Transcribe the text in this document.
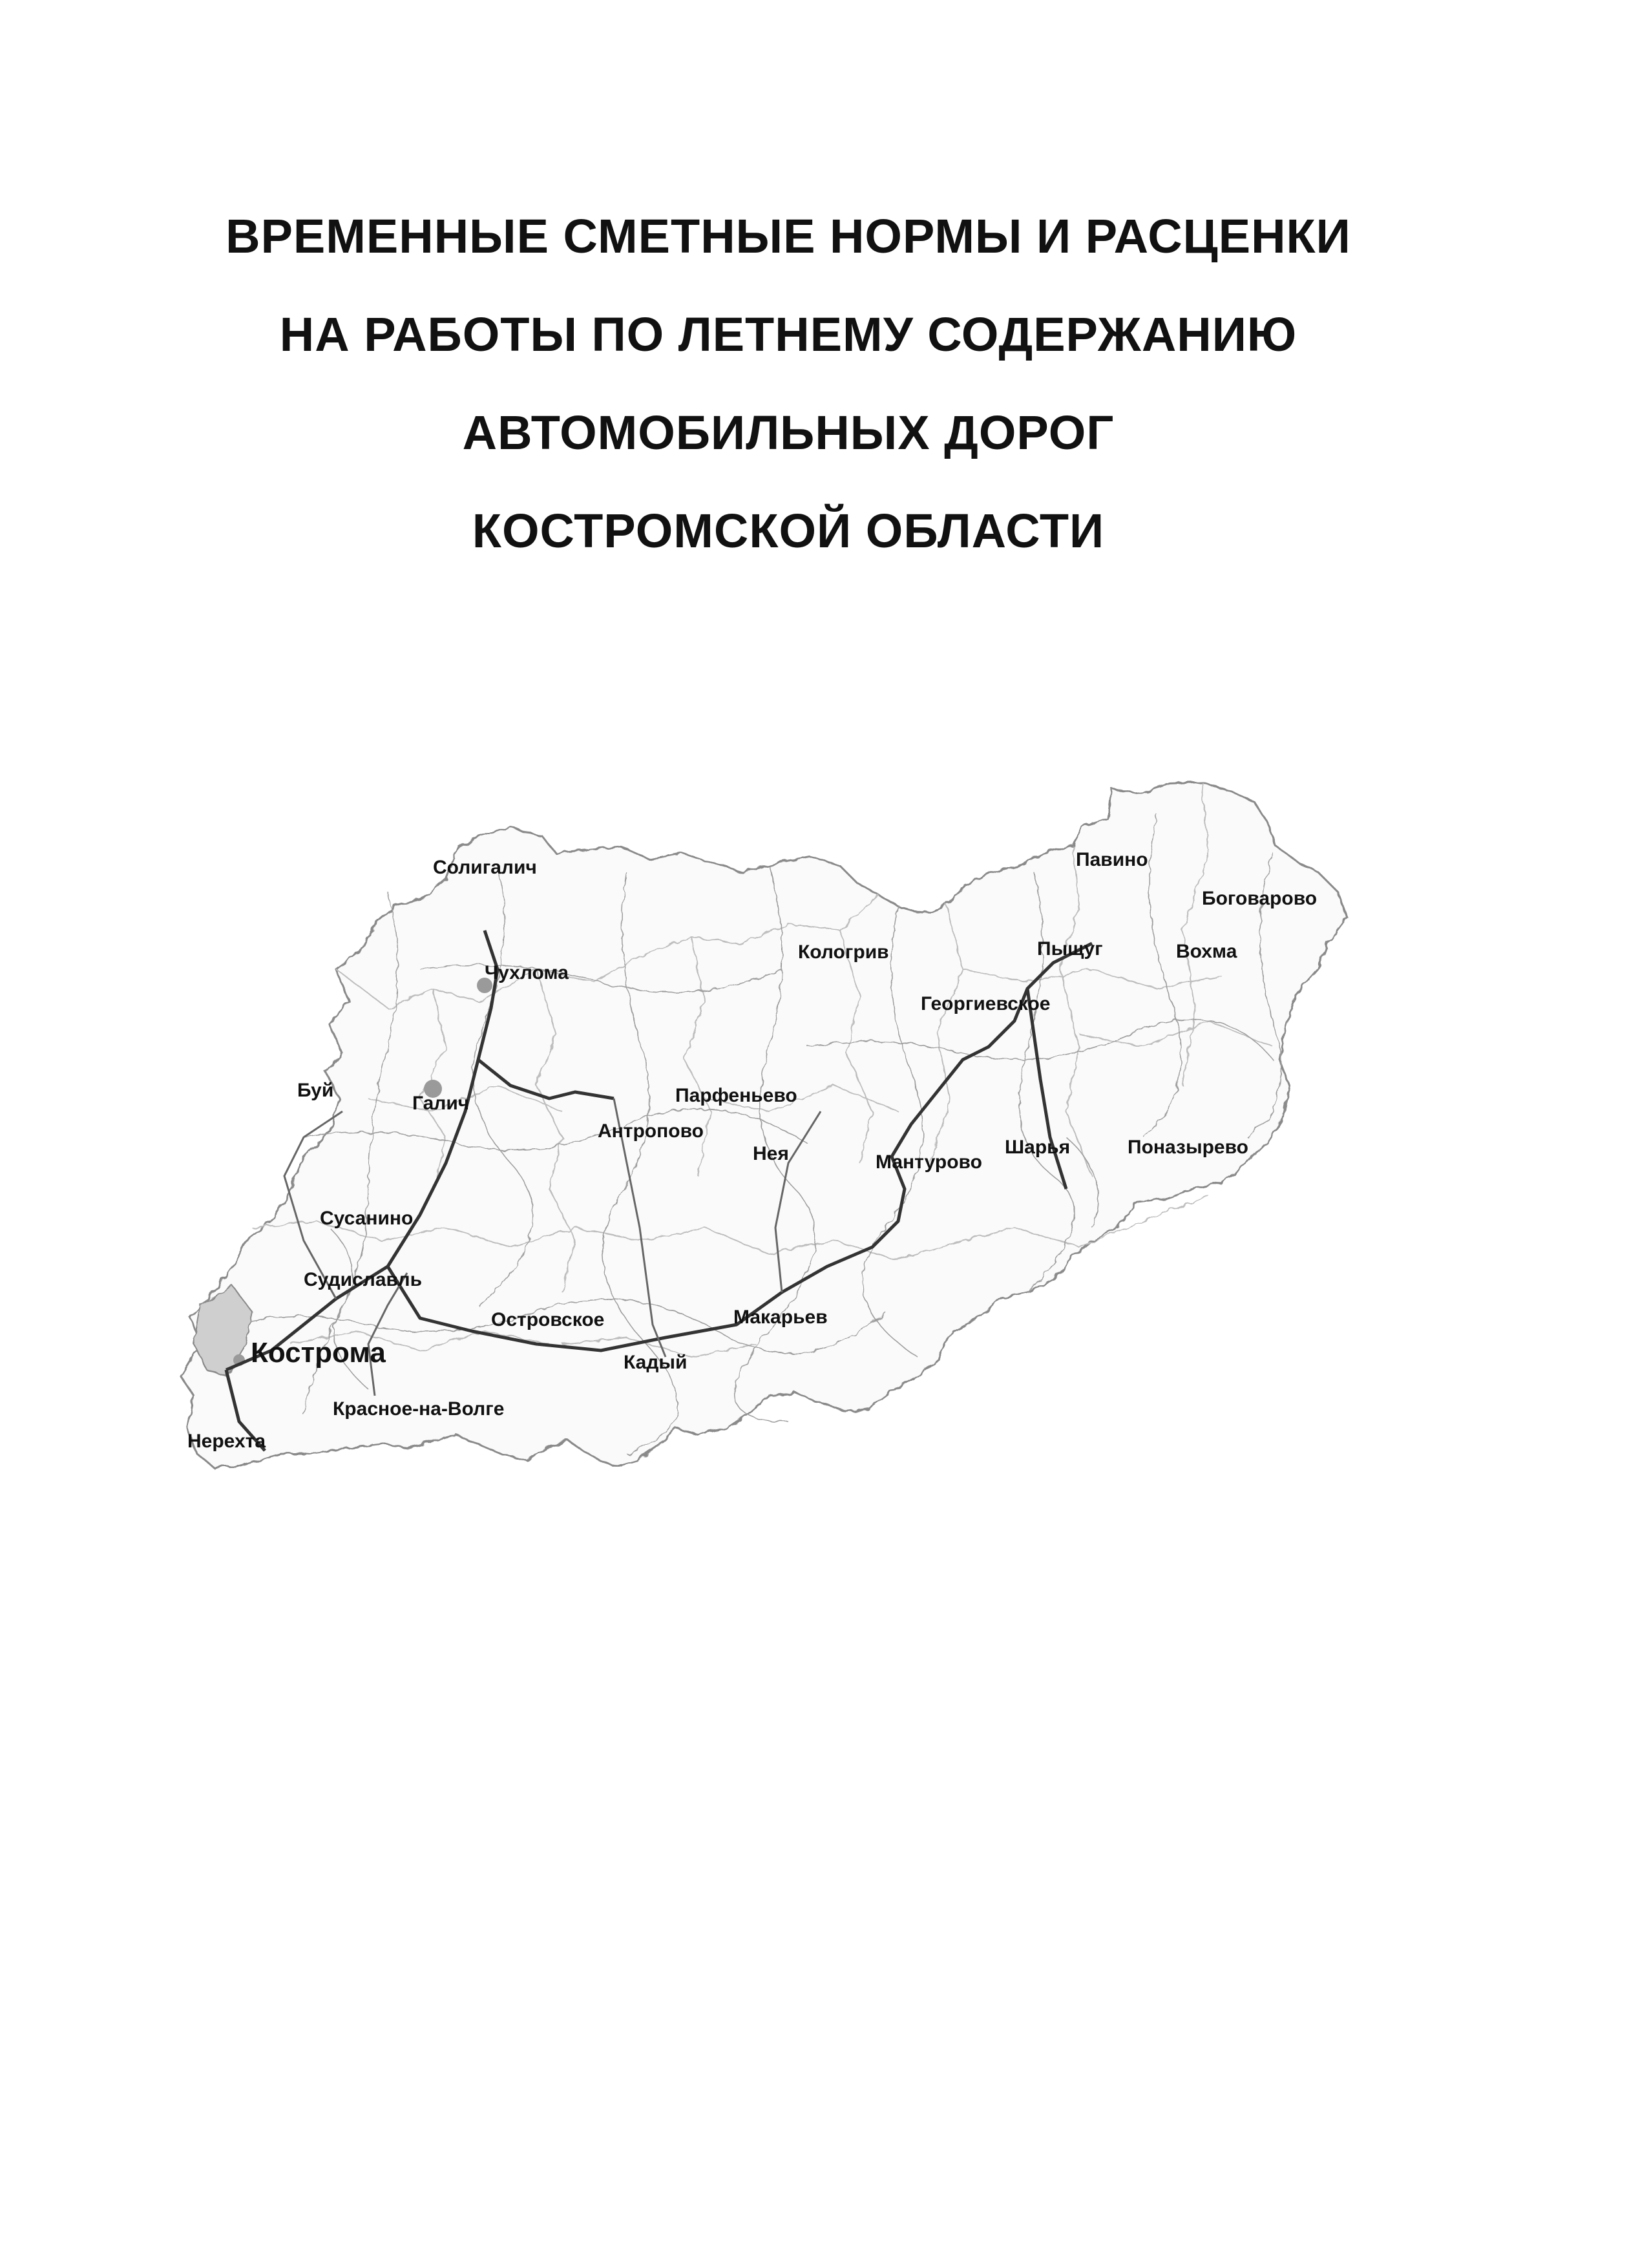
ВРЕМЕННЫЕ СМЕТНЫЕ НОРМЫ И РАСЦЕНКИ
НА РАБОТЫ ПО ЛЕТНЕМУ СОДЕРЖАНИЮ
АВТОМОБИЛЬНЫХ ДОРОГ
КОСТРОМСКОЙ ОБЛАСТИ
Солигалич
Чухлома
Кологрив
Павино
Боговарово
Пыщуг	Вохма
Георгиевское
Буй
Галич	Парфеньево
Антропово
Нея	Шарья	Поназырево
Мантурово
Сусанино
Судиславль
Островское	Макарьев
Кострома	Кадый
Красное-на-Волге
Нерехта
